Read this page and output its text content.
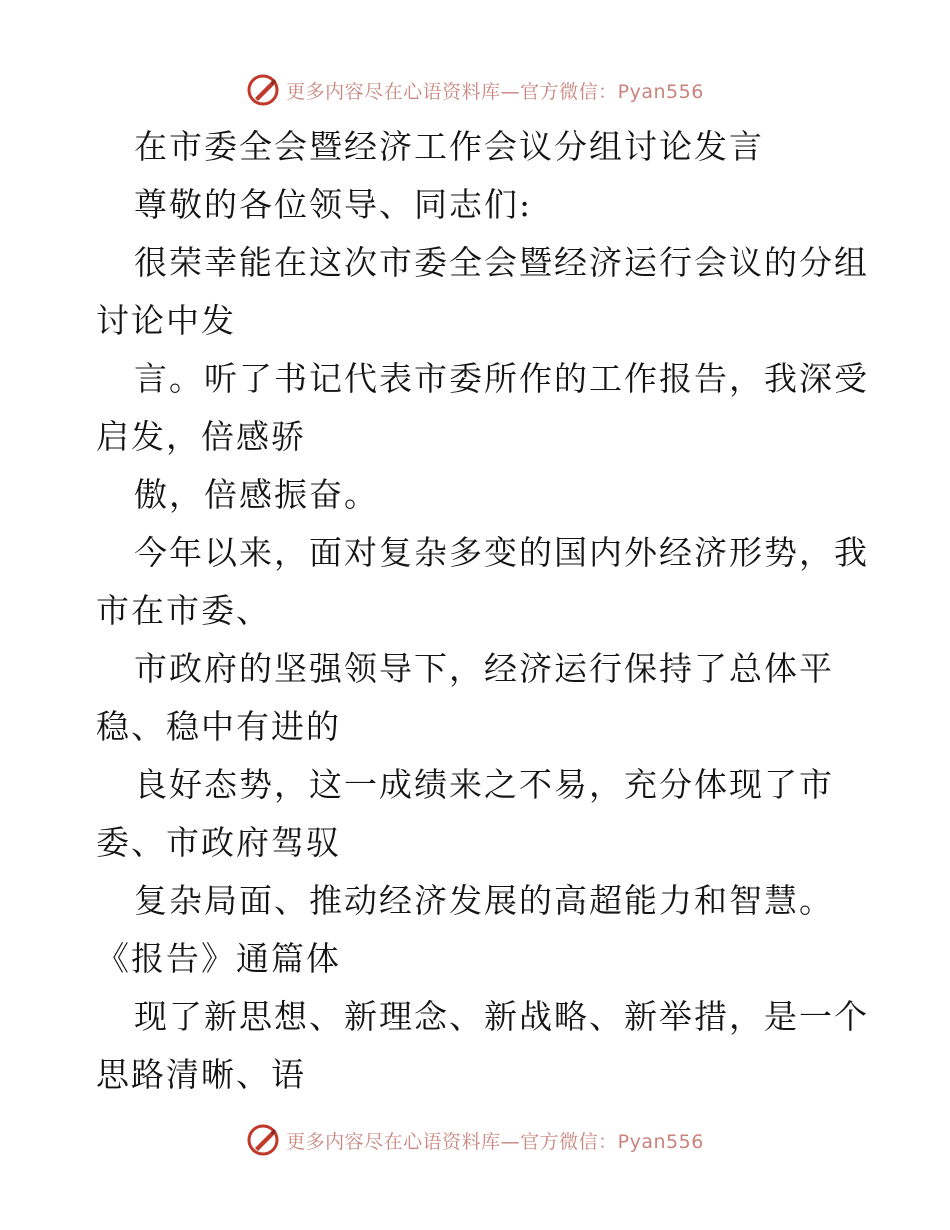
更多内容尽在心语资料库—官方微信：Pyan556
在市委全会暨经济工作会议分组讨论发言
尊敬的各位领导、同志们:
很荣幸能在这次市委全会暨经济运行会议的分组
讨论中发
言。听了书记代表市委所作的工作报告，我深受
启发，倍感骄
傲，倍感振奋。
今年以来，面对复杂多变的国内外经济形势，我
市在市委、
市政府的坚强领导下，经济运行保持了总体平
稳、稳中有进的
良好态势，这一成绩来之不易，充分体现了市
委、市政府驾驭
复杂局面、推动经济发展的高超能力和智慧。
《报告》通篇体
现了新思想、新理念、新战略、新举措，是一个
思路清晰、语
更多内容尽在心语资料库—官方微信：Pyan556
